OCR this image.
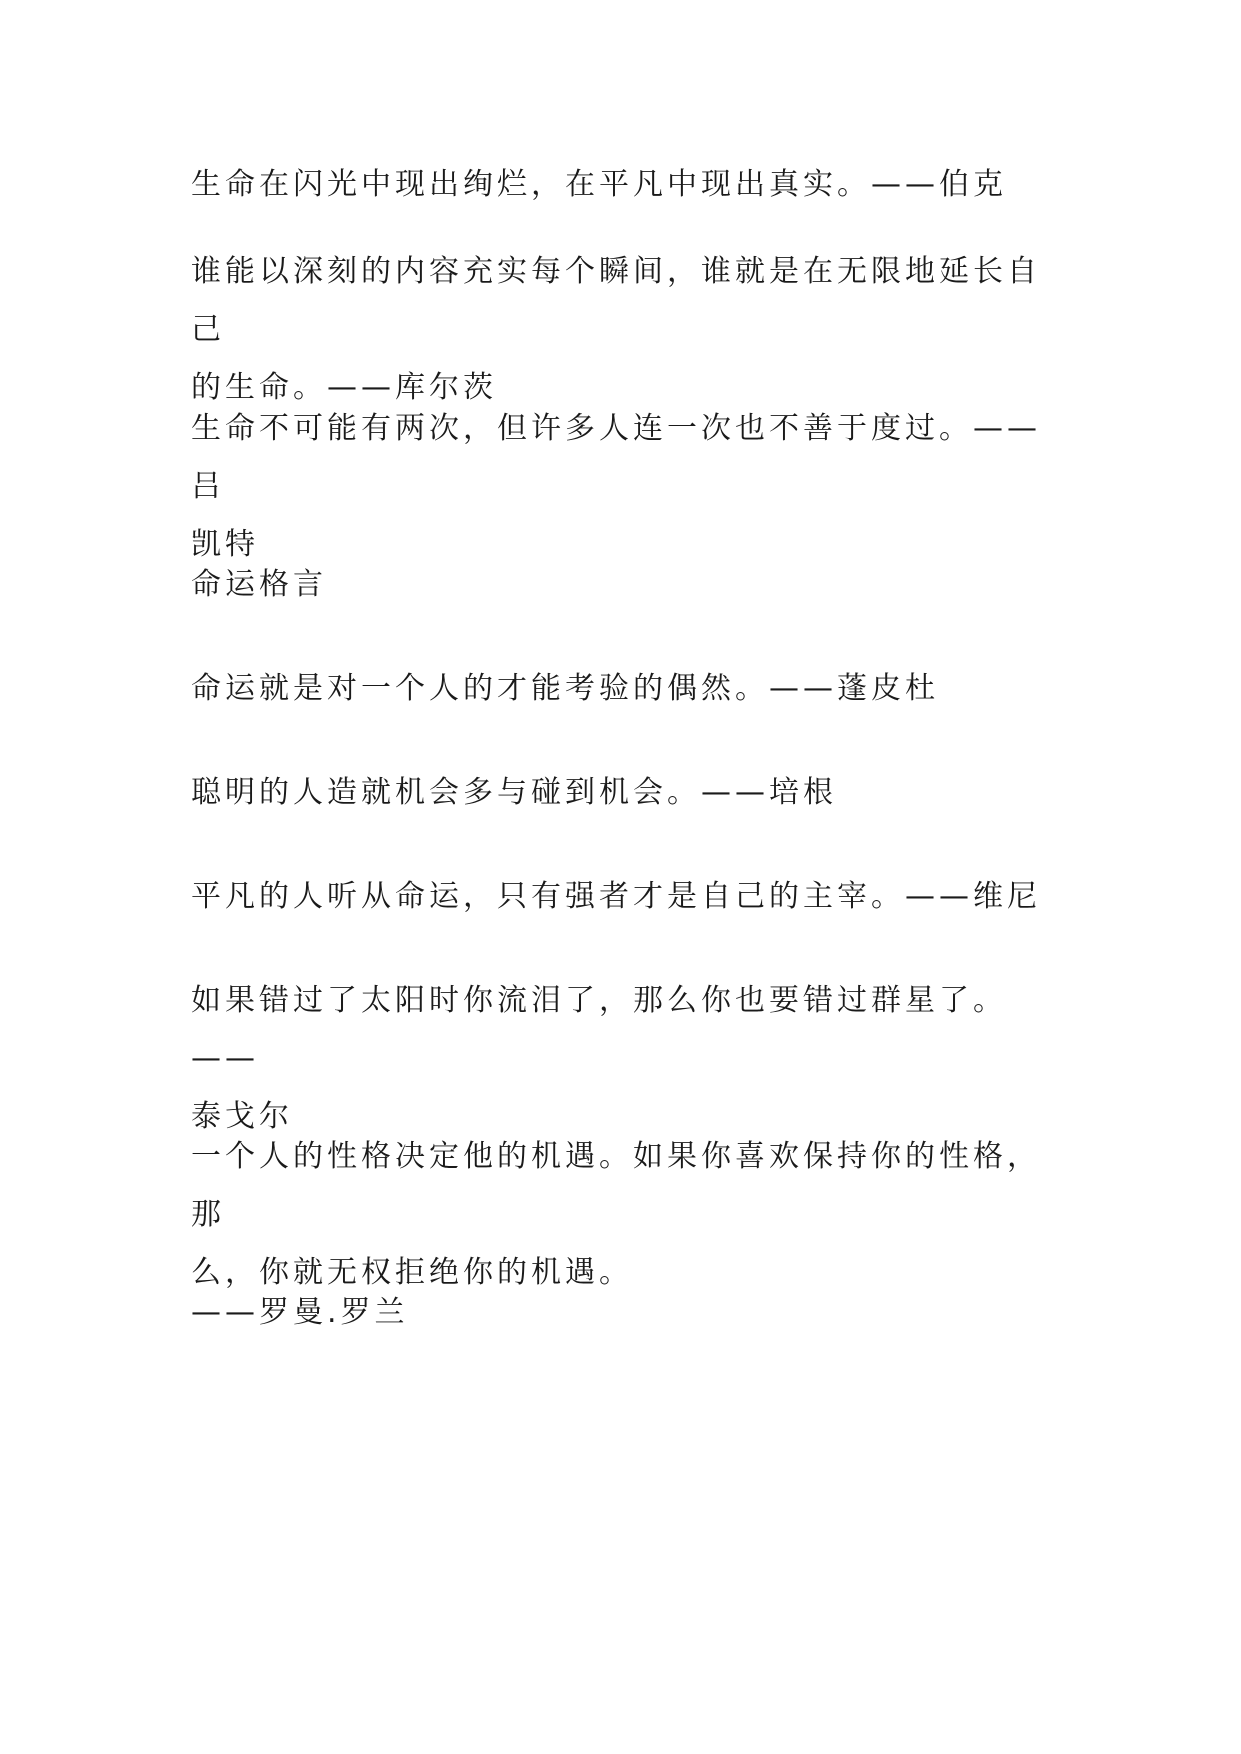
生命在闪光中现出绚烂，在平凡中现出真实。——伯克

谁能以深刻的内容充实每个瞬间，谁就是在无限地延长自己
的生命。——库尔茨

生命不可能有两次，但许多人连一次也不善于度过。——吕
凯特

命运格言

命运就是对一个人的才能考验的偶然。——蓬皮杜

聪明的人造就机会多与碰到机会。——培根

平凡的人听从命运，只有强者才是自己的主宰。——维尼

如果错过了太阳时你流泪了，那么你也要错过群星了。——
泰戈尔

一个人的性格决定他的机遇。如果你喜欢保持你的性格，那
么，你就无权拒绝你的机遇。

——罗曼.罗兰
